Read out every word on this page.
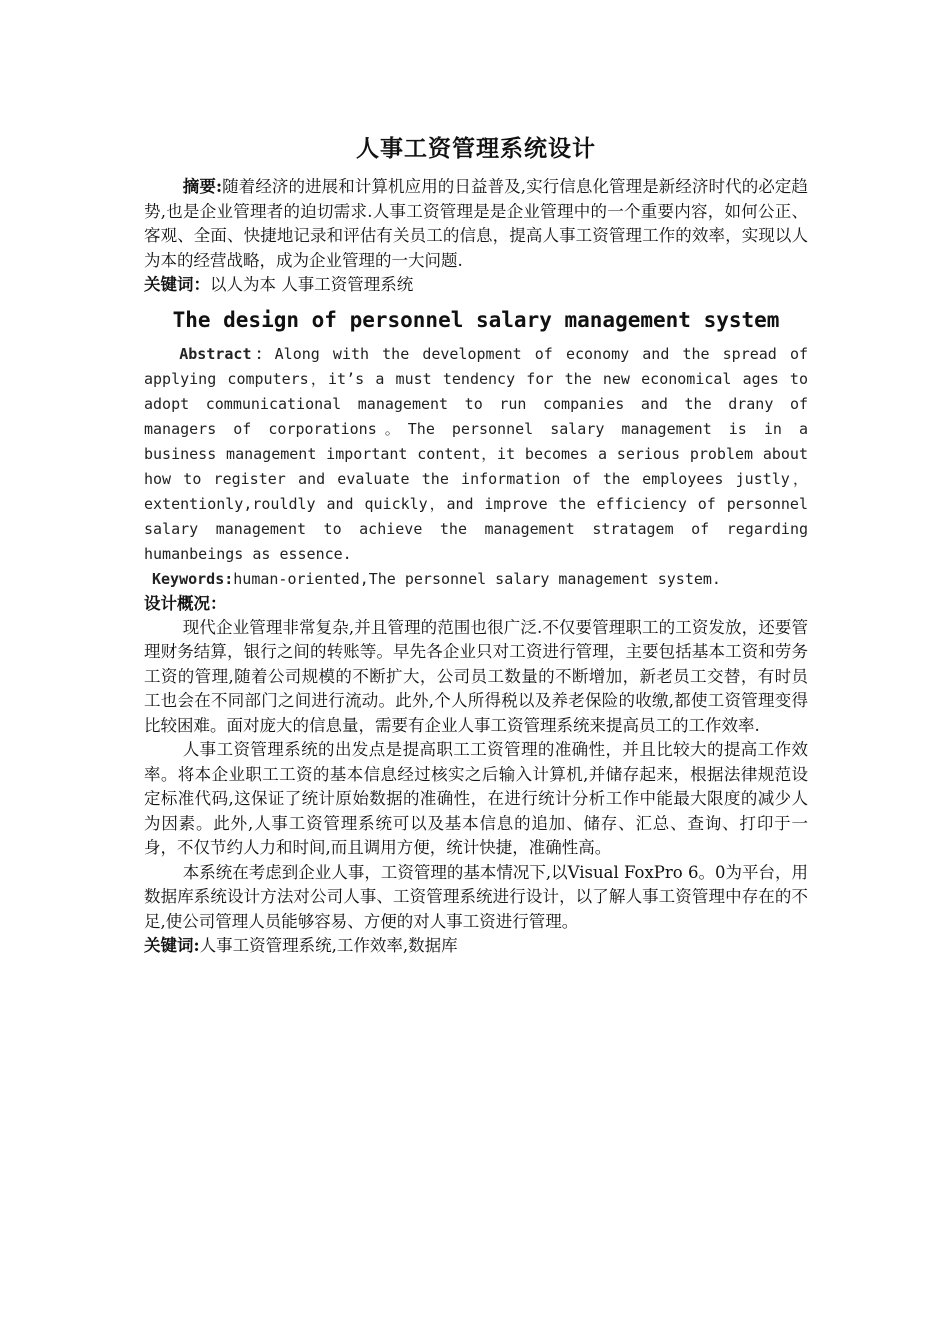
人事工资管理系统设计

摘要:随着经济的进展和计算机应用的日益普及,实行信息化管理是新经济时代的必定趋势,也是企业管理者的迫切需求.人事工资管理是是企业管理中的一个重要内容，如何公正、客观、全面、快捷地记录和评估有关员工的信息，提高人事工资管理工作的效率，实现以人为本的经营战略，成为企业管理的一大问题.

关键词：以人为本 人事工资管理系统

The design of personnel salary management system

Abstract：Along with the development of economy and the spread of applying computers，it’s a must tendency for the new economical ages to adopt communicational management to run companies and the drany of managers of corporations。The personnel salary management is in a business management important content，it becomes a serious problem about how to register and evaluate the information of the employees justly，extentionly,rouldly and quickly，and improve the efficiency of personnel salary management to achieve the management stratagem of regarding humanbeings as essence.

Keywords:human-oriented,The personnel salary management system.

设计概况：

现代企业管理非常复杂,并且管理的范围也很广泛.不仅要管理职工的工资发放，还要管理财务结算，银行之间的转账等。早先各企业只对工资进行管理，主要包括基本工资和劳务工资的管理,随着公司规模的不断扩大，公司员工数量的不断增加，新老员工交替，有时员工也会在不同部门之间进行流动。此外,个人所得税以及养老保险的收缴,都使工资管理变得比较困难。面对庞大的信息量，需要有企业人事工资管理系统来提高员工的工作效率.

人事工资管理系统的出发点是提高职工工资管理的准确性，并且比较大的提高工作效率。将本企业职工工资的基本信息经过核实之后输入计算机,并储存起来，根据法律规范设定标准代码,这保证了统计原始数据的准确性，在进行统计分析工作中能最大限度的减少人为因素。此外,人事工资管理系统可以及基本信息的追加、储存、汇总、查询、打印于一身，不仅节约人力和时间,而且调用方便，统计快捷，准确性高。

本系统在考虑到企业人事，工资管理的基本情况下,以Visual FoxPro 6。0为平台，用数据库系统设计方法对公司人事、工资管理系统进行设计，以了解人事工资管理中存在的不足,使公司管理人员能够容易、方便的对人事工资进行管理。

关键词:人事工资管理系统,工作效率,数据库
